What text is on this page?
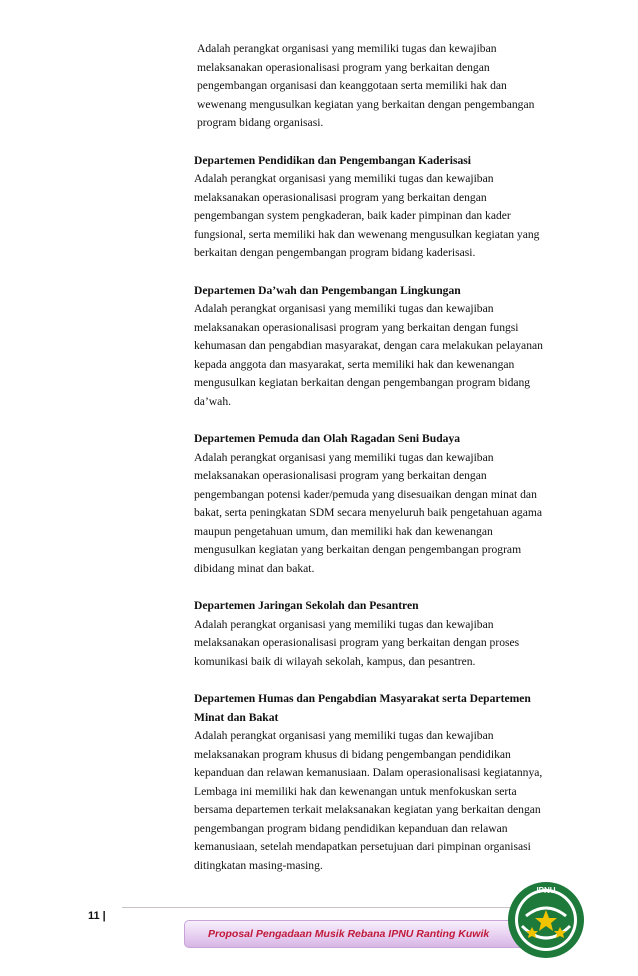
Adalah perangkat organisasi yang memiliki tugas dan kewajiban

melaksanakan operasionalisasi program yang berkaitan dengan

pengembangan organisasi dan keanggotaan serta memiliki hak dan

wewenang mengusulkan kegiatan yang berkaitan dengan pengembangan

program bidang organisasi.

Departemen Pendidikan dan Pengembangan Kaderisasi

Adalah perangkat organisasi yang memiliki tugas dan kewajiban

melaksanakan operasionalisasi program yang berkaitan dengan

pengembangan system pengkaderan, baik kader pimpinan dan kader

fungsional, serta memiliki hak dan wewenang mengusulkan kegiatan yang

berkaitan dengan pengembangan program bidang kaderisasi.

Departemen Da’wah dan Pengembangan Lingkungan

Adalah perangkat organisasi yang memiliki tugas dan kewajiban

melaksanakan operasionalisasi program yang berkaitan dengan fungsi

kehumasan dan pengabdian masyarakat, dengan cara melakukan pelayanan

kepada anggota dan masyarakat, serta memiliki hak dan kewenangan

mengusulkan kegiatan berkaitan dengan pengembangan program bidang

da’wah.

Departemen Pemuda dan Olah Ragadan Seni Budaya

Adalah perangkat organisasi yang memiliki tugas dan kewajiban

melaksanakan operasionalisasi program yang berkaitan dengan

pengembangan potensi kader/pemuda yang disesuaikan dengan minat dan

bakat, serta peningkatan SDM secara menyeluruh baik pengetahuan agama

maupun pengetahuan umum, dan memiliki hak dan kewenangan

mengusulkan kegiatan yang berkaitan dengan pengembangan program

dibidang minat dan bakat.

Departemen Jaringan Sekolah dan Pesantren

Adalah perangkat organisasi yang memiliki tugas dan kewajiban

melaksanakan operasionalisasi program yang berkaitan dengan proses

komunikasi baik di wilayah sekolah, kampus, dan pesantren.

Departemen Humas dan Pengabdian Masyarakat serta Departemen
Minat dan Bakat

Adalah perangkat organisasi yang memiliki tugas dan kewajiban

melaksanakan program khusus di bidang pengembangan pendidikan

kepanduan dan relawan kemanusiaan. Dalam operasionalisasi kegiatannya,

Lembaga ini memiliki hak dan kewenangan untuk menfokuskan serta

bersama departemen terkait melaksanakan kegiatan yang berkaitan dengan

pengembangan program bidang pendidikan kepanduan dan relawan

kemanusiaan, setelah mendapatkan persetujuan dari pimpinan organisasi

ditingkatan masing-masing.

11 |
Proposal Pengadaan Musik Rebana IPNU Ranting Kuwik
IPNU
